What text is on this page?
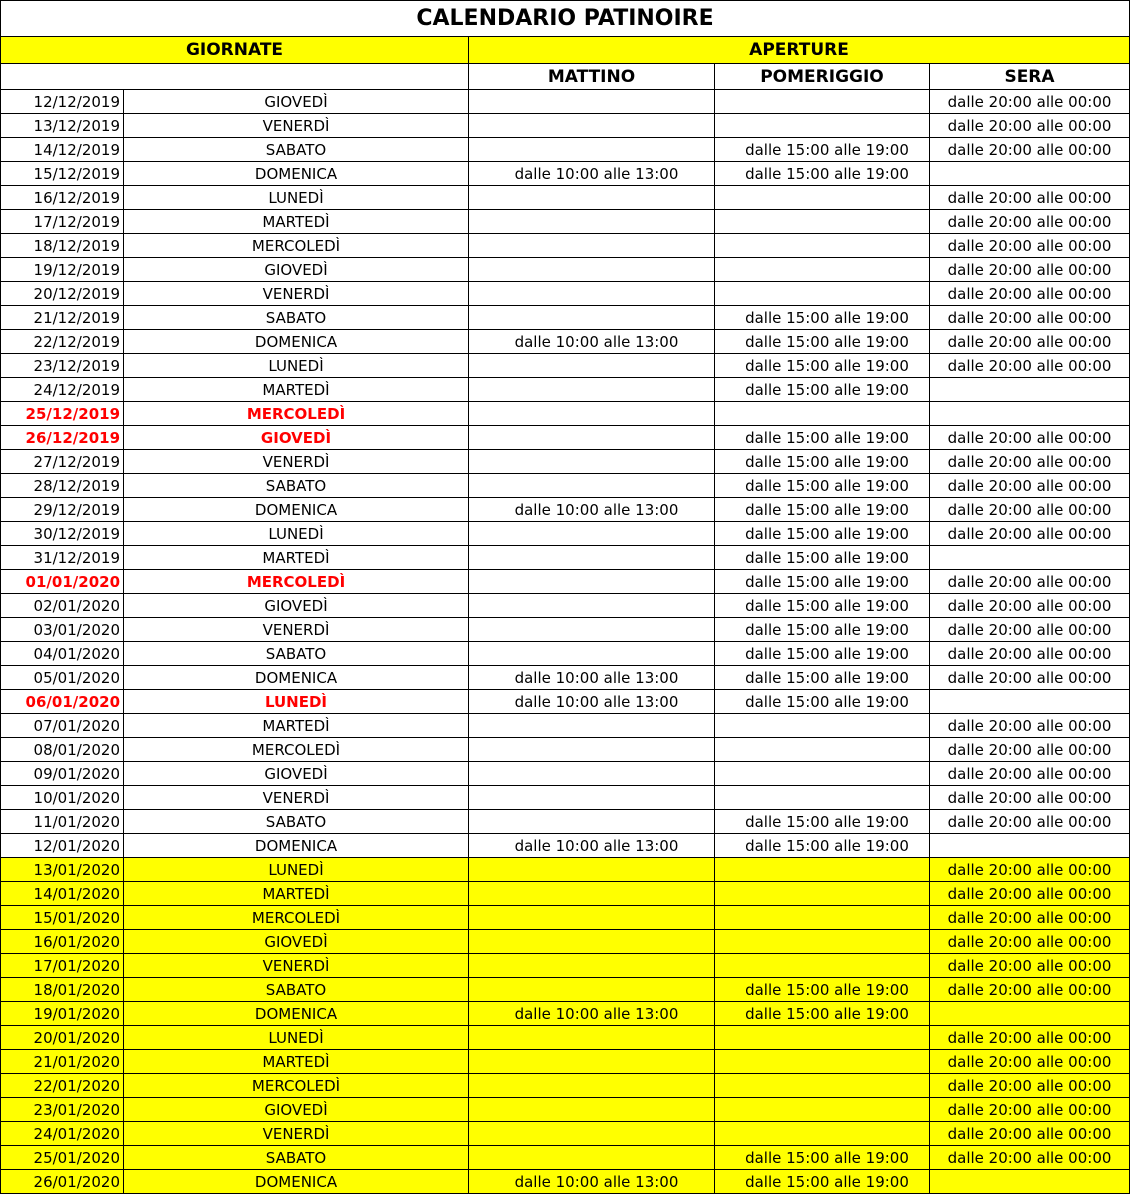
CALENDARIO PATINOIRE				
GIORNATE		APERTURE		
		MATTINO	POMERIGGIO	SERA
12/12/2019	GIOVEDÌ			dalle 20:00 alle 00:00
13/12/2019	VENERDÌ			dalle 20:00 alle 00:00
14/12/2019	SABATO		dalle 15:00 alle 19:00	dalle 20:00 alle 00:00
15/12/2019	DOMENICA	dalle 10:00 alle 13:00	dalle 15:00 alle 19:00	
16/12/2019	LUNEDÌ			dalle 20:00 alle 00:00
17/12/2019	MARTEDÌ			dalle 20:00 alle 00:00
18/12/2019	MERCOLEDÌ			dalle 20:00 alle 00:00
19/12/2019	GIOVEDÌ			dalle 20:00 alle 00:00
20/12/2019	VENERDÌ			dalle 20:00 alle 00:00
21/12/2019	SABATO		dalle 15:00 alle 19:00	dalle 20:00 alle 00:00
22/12/2019	DOMENICA	dalle 10:00 alle 13:00	dalle 15:00 alle 19:00	dalle 20:00 alle 00:00
23/12/2019	LUNEDÌ		dalle 15:00 alle 19:00	dalle 20:00 alle 00:00
24/12/2019	MARTEDÌ		dalle 15:00 alle 19:00	
25/12/2019	MERCOLEDÌ			
26/12/2019	GIOVEDÌ		dalle 15:00 alle 19:00	dalle 20:00 alle 00:00
27/12/2019	VENERDÌ		dalle 15:00 alle 19:00	dalle 20:00 alle 00:00
28/12/2019	SABATO		dalle 15:00 alle 19:00	dalle 20:00 alle 00:00
29/12/2019	DOMENICA	dalle 10:00 alle 13:00	dalle 15:00 alle 19:00	dalle 20:00 alle 00:00
30/12/2019	LUNEDÌ		dalle 15:00 alle 19:00	dalle 20:00 alle 00:00
31/12/2019	MARTEDÌ		dalle 15:00 alle 19:00	
01/01/2020	MERCOLEDÌ		dalle 15:00 alle 19:00	dalle 20:00 alle 00:00
02/01/2020	GIOVEDÌ		dalle 15:00 alle 19:00	dalle 20:00 alle 00:00
03/01/2020	VENERDÌ		dalle 15:00 alle 19:00	dalle 20:00 alle 00:00
04/01/2020	SABATO		dalle 15:00 alle 19:00	dalle 20:00 alle 00:00
05/01/2020	DOMENICA	dalle 10:00 alle 13:00	dalle 15:00 alle 19:00	dalle 20:00 alle 00:00
06/01/2020	LUNEDÌ	dalle 10:00 alle 13:00	dalle 15:00 alle 19:00	
07/01/2020	MARTEDÌ			dalle 20:00 alle 00:00
08/01/2020	MERCOLEDÌ			dalle 20:00 alle 00:00
09/01/2020	GIOVEDÌ			dalle 20:00 alle 00:00
10/01/2020	VENERDÌ			dalle 20:00 alle 00:00
11/01/2020	SABATO		dalle 15:00 alle 19:00	dalle 20:00 alle 00:00
12/01/2020	DOMENICA	dalle 10:00 alle 13:00	dalle 15:00 alle 19:00	
13/01/2020	LUNEDÌ			dalle 20:00 alle 00:00
14/01/2020	MARTEDÌ			dalle 20:00 alle 00:00
15/01/2020	MERCOLEDÌ			dalle 20:00 alle 00:00
16/01/2020	GIOVEDÌ			dalle 20:00 alle 00:00
17/01/2020	VENERDÌ			dalle 20:00 alle 00:00
18/01/2020	SABATO		dalle 15:00 alle 19:00	dalle 20:00 alle 00:00
19/01/2020	DOMENICA	dalle 10:00 alle 13:00	dalle 15:00 alle 19:00	
20/01/2020	LUNEDÌ			dalle 20:00 alle 00:00
21/01/2020	MARTEDÌ			dalle 20:00 alle 00:00
22/01/2020	MERCOLEDÌ			dalle 20:00 alle 00:00
23/01/2020	GIOVEDÌ			dalle 20:00 alle 00:00
24/01/2020	VENERDÌ			dalle 20:00 alle 00:00
25/01/2020	SABATO		dalle 15:00 alle 19:00	dalle 20:00 alle 00:00
26/01/2020	DOMENICA	dalle 10:00 alle 13:00	dalle 15:00 alle 19:00	
